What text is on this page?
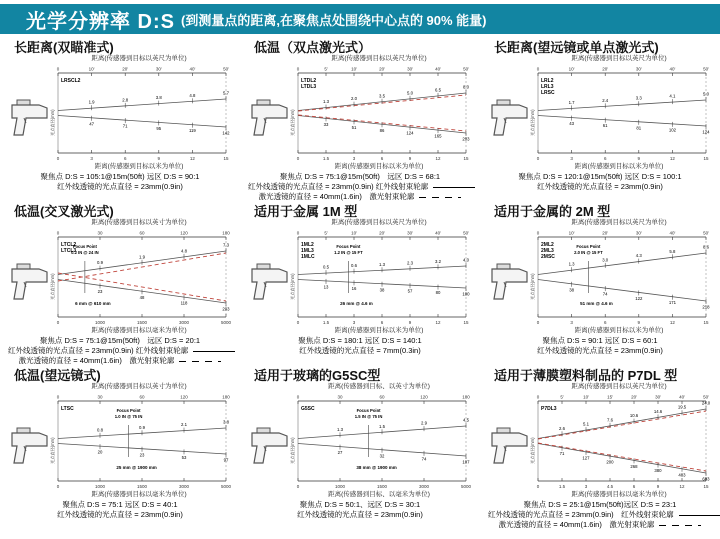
光学分辨率 D:S (到测量点的距离,在聚焦点处围绕中心点的 90% 能量)
长距离(双瞄准式)
距离(传感器到目标以英尺为单位)
光点直径(mm)
0	10'	20'	30'	40'	50'
0	3	6	9	12	15
LRSCL2
1.9	2.8	3.8	4.8	5.7
47	71	95	119	142
距离(传感器到目标以米为单位)
聚焦点 D:S = 105:1@15m(50ft) 远区 D:S = 90:1
红外线透镜的光点直径 = 23mm(0.9in)
低温（双点激光式）
距离(传感器到目标以英尺为单位)
光点直径(mm)
0	5'	10'	20'	30'	40'	50'
0	1.5	3	6	9	12	15
LTDL2
LTDL3
1.3
2.0
3.5
5.0
6.5
8.0
33
51
86
124
165
203
距离(传感器到目标以米为单位)
聚焦点 D:S = 75:1@15m(50ft)　远区 D:S = 68:1
红外线透镜的光点直径 = 23mm(0.9in) 红外线射束轮廓
激光透镜的直径 = 40mm(1.6in)　激光射束轮廓
长距离(望远镜或单点激光式)
距离(传感器到目标以英尺为单位)
光点直径(mm)
0	10'	20'	30'	40'	50'
0	3	6	9	12	15
LRL2
LRL3
LRSC
1.7	2.4	3.3	4.1	5.0
43	61	81	102	124
距离(传感器到目标以米为单位)
聚焦点 D:S = 120:1@15m(50ft) 远区 D:S = 100:1
红外线透镜的光点直径 = 23mm(0.9in)
低温(交叉激光式)
距离(传感器到目标以英寸为单位)
光点直径(mm)
0	30	60	120	180
0	1000	1500	3000	5000
LTCL2
LTCL3
Focus Point
0.2 IN @ 24 IN
6 mm @ 610 mm
0.9
1.9
4.8
7.3
23
48
118
203
距离(传感器到目标以毫米为单位)
聚焦点 D:S = 75:1@15m(50ft)　远区 D:S = 20:1
红外线透镜的光点直径 = 23mm(0.9in) 红外线射束轮廓
激光透镜的直径 = 40mm(1.6in)　激光射束轮廓
适用于金属 1M 型
距离(传感器到目标以英尺为单位)
光点直径(mm)
0	5'	10'	20'	30'	40'	50'
0	1.5	3	6	9	12	15
1ML2
1ML3
1MLC
Focus Point
1.2 IN @ 15 FT
26 mm @ 4.6 m
0.5	0.6	1.3	2.3	3.2	4.0
13	16	38	57	80	100
距离(传感器到目标以米为单位)
聚焦点 D:S = 180:1 远区 D:S = 140:1
红外线透镜的光点直径 = 7mm(0.3in)
适用于金属的 2M 型
距离(传感器到目标以英尺为单位)
光点直径(mm)
0	10'	20'	30'	40'	50'
0	3	6	9	12	15
2ML2
2ML3
2MSC
Focus Point
2.0 IN @ 15 FT
51 mm @ 4.6 m
1.3
3.0
4.3
5.8
8.6
38
74
122
171
218
距离(传感器到目标以米为单位)
聚焦点 D:S = 90:1 远区 D:S = 60:1
红外线透镜的光点直径 = 23mm(0.9in)
低温(望远镜式)
距离(传感器到目标以英寸为单位)
光点直径(mm)
0	30	60	120	180
0	1000	1500	3000	5000
LTSC	Focus Point
1.0 IN @ 75 IN
25 mm @ 1900 mm
0.8
0.9
2.1
3.8
20
23
53
97
距离(传感器到目标以毫米为单位)
聚焦点 D:S = 75:1 远区 D:S = 40:1
红外线透镜的光点直径 = 23mm(0.9in)
适用于玻璃的G5SC型
距离(传感器到目标、以英寸为单位)
光点直径(mm)
0	30	60	120	180
0	1000	1500	3000	5000
G5SC	Focus Point
1.5 IN @ 75 IN
38 mm @ 1900 mm
1.3
1.5
2.9
4.5
27
32
74
107
距离(传感器到目标、以毫米为单位)
聚焦点 D:S = 50:1、远区 D:S = 30:1
红外线透镜的光点直径 = 23mm(0.9in)
适用于薄膜塑料制品的 P7DL 型
距离(传感器到目标以英尺为单位)
光点直径(mm)
0	5'	10'	15'	20'	30'	40'	50'
0	1.5	3	4.5	6	9	12	15
P7DL3
2.6
5.1
7.6
10.6
14.6
19.5
24.0
71
127
200
268
380
483
603
距离(传感器到目标以毫米为单位)
聚焦点 D:S = 25:1@15m(50ft)远区 D:S = 23:1
红外线透镜的光点直径 = 23mm(0.9in)　红外线射束轮廓
激光透镜的直径 = 40mm(1.6in)　激光射束轮廓
